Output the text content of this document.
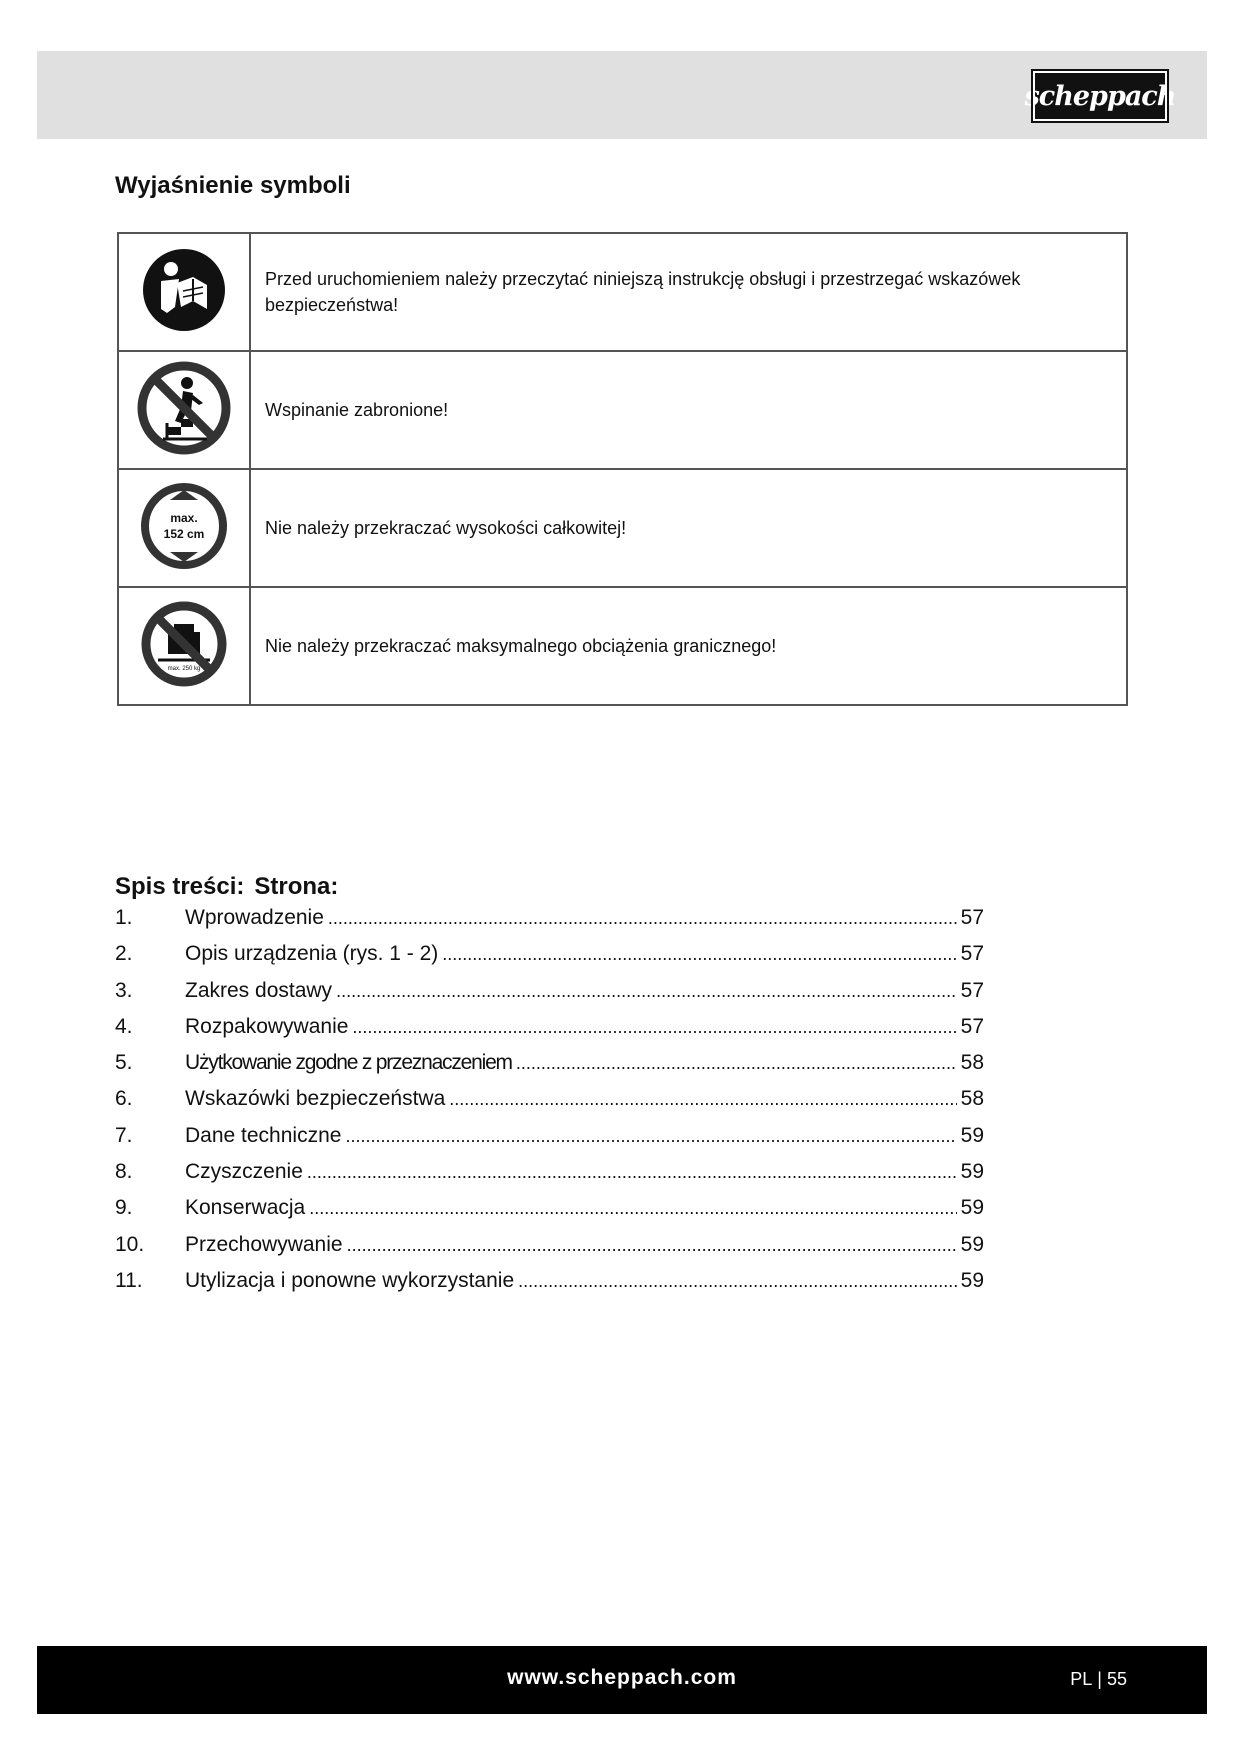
scheppach
Wyjaśnienie symboli
	Przed uruchomieniem należy przeczytać niniejszą instrukcję obsługi i przestrzegać wskazówek bezpieczeństwa!
	Wspinanie zabronione!

max.
152 cm	Nie należy przekraczać wysokości całkowitej!

max. 250 kg	Nie należy przekraczać maksymalnego obciążenia granicznego!
Spis treści: Strona:
1.	Wprowadzenie .....	57
2.	Opis urządzenia (rys. 1 - 2) .....	57
3.	Zakres dostawy .....	57
4.	Rozpakowywanie .....	57
5.	Użytkowanie zgodne z przeznaczeniem .....	58
6.	Wskazówki bezpieczeństwa .....	58
7.	Dane techniczne .....	59
8.	Czyszczenie .....	59
9.	Konserwacja .....	59
10.	Przechowywanie .....	59
11.	Utylizacja i ponowne wykorzystanie .....	59
www.scheppach.com	PL | 55
